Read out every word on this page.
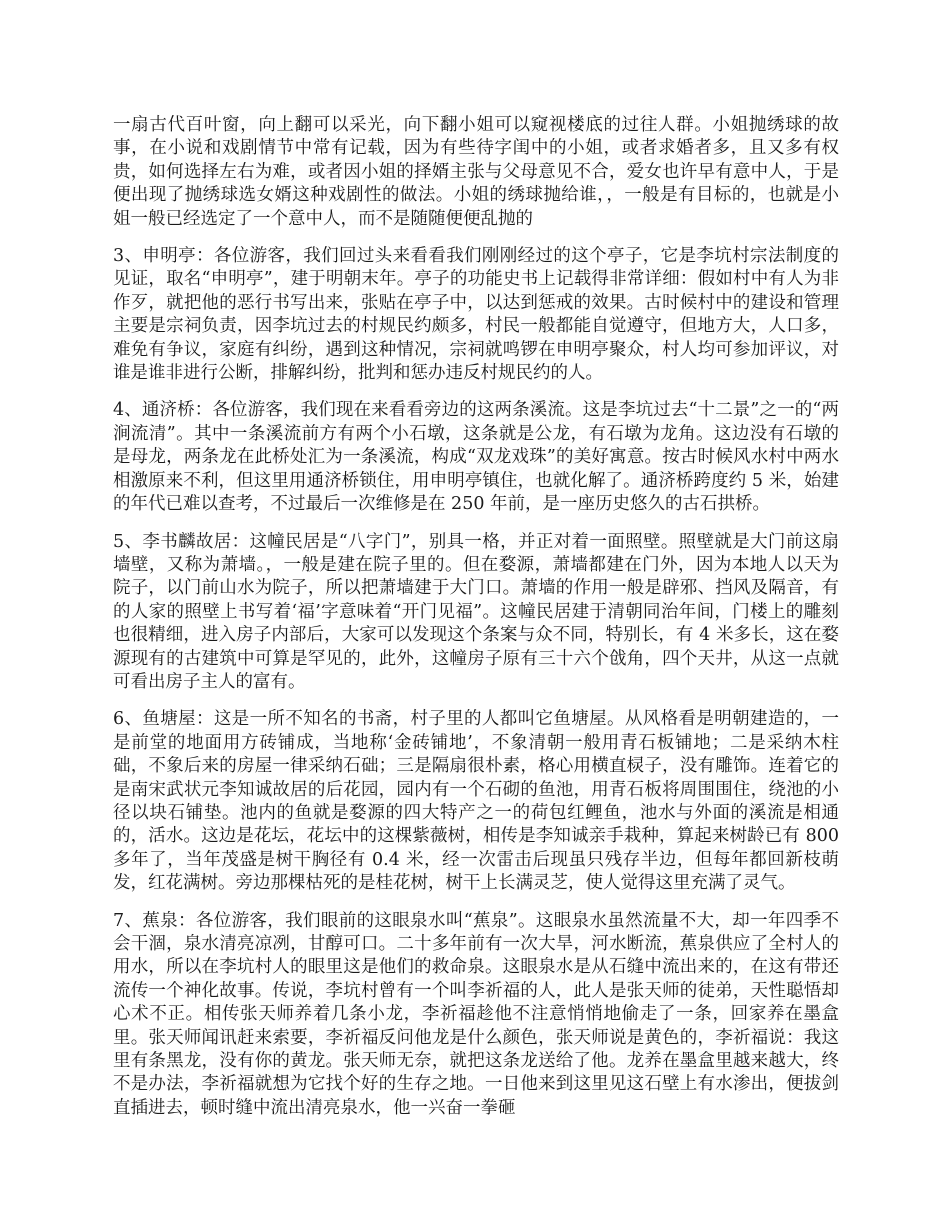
一扇古代百叶窗，向上翻可以采光，向下翻小姐可以窥视楼底的过往人群。小姐抛绣球的故事，在小说和戏剧情节中常有记载，因为有些待字闺中的小姐，或者求婚者多，且又多有权贵，如何选择左右为难，或者因小姐的择婿主张与父母意见不合，爱女也许早有意中人，于是便出现了抛绣球选女婿这种戏剧性的做法。小姐的绣球抛给谁，，一般是有目标的，也就是小姐一般已经选定了一个意中人，而不是随随便便乱抛的

3、申明亭：各位游客，我们回过头来看看我们刚刚经过的这个亭子，它是李坑村宗法制度的见证，取名“申明亭”，建于明朝末年。亭子的功能史书上记载得非常详细：假如村中有人为非作歹，就把他的恶行书写出来，张贴在亭子中，以达到惩戒的效果。古时候村中的建设和管理主要是宗祠负责，因李坑过去的村规民约颇多，村民一般都能自觉遵守，但地方大，人口多，难免有争议，家庭有纠纷，遇到这种情况，宗祠就鸣锣在申明亭聚众，村人均可参加评议，对谁是谁非进行公断，排解纠纷，批判和惩办违反村规民约的人。

4、通济桥：各位游客，我们现在来看看旁边的这两条溪流。这是李坑过去“十二景”之一的“两涧流清”。其中一条溪流前方有两个小石墩，这条就是公龙，有石墩为龙角。这边没有石墩的是母龙，两条龙在此桥处汇为一条溪流，构成“双龙戏珠”的美好寓意。按古时候风水村中两水相激原来不利，但这里用通济桥锁住，用申明亭镇住，也就化解了。通济桥跨度约 5 米，始建的年代已难以查考，不过最后一次维修是在 250 年前，是一座历史悠久的古石拱桥。

5、李书麟故居：这幢民居是“八字门”，别具一格，并正对着一面照壁。照壁就是大门前这扇墙壁，又称为萧墙。，一般是建在院子里的。但在婺源，萧墙都建在门外，因为本地人以天为院子，以门前山水为院子，所以把萧墙建于大门口。萧墙的作用一般是辟邪、挡风及隔音，有的人家的照壁上书写着‘福’字意味着“开门见福”。这幢民居建于清朝同治年间，门楼上的雕刻也很精细，进入房子内部后，大家可以发现这个条案与众不同，特别长，有 4 米多长，这在婺源现有的古建筑中可算是罕见的，此外，这幢房子原有三十六个戗角，四个天井，从这一点就可看出房子主人的富有。

6、鱼塘屋：这是一所不知名的书斋，村子里的人都叫它鱼塘屋。从风格看是明朝建造的，一是前堂的地面用方砖铺成，当地称‘金砖铺地’，不象清朝一般用青石板铺地；二是采纳木柱础，不象后来的房屋一律采纳石础；三是隔扇很朴素，格心用横直棂子，没有雕饰。连着它的是南宋武状元李知诚故居的后花园，园内有一个石砌的鱼池，用青石板将周围围住，绕池的小径以块石铺垫。池内的鱼就是婺源的四大特产之一的荷包红鲤鱼，池水与外面的溪流是相通的，活水。这边是花坛，花坛中的这棵紫薇树，相传是李知诚亲手栽种，算起来树龄已有 800 多年了，当年茂盛是树干胸径有 0.4 米，经一次雷击后现虽只残存半边，但每年都回新枝萌发，红花满树。旁边那棵枯死的是桂花树，树干上长满灵芝，使人觉得这里充满了灵气。

7、蕉泉：各位游客，我们眼前的这眼泉水叫“蕉泉”。这眼泉水虽然流量不大，却一年四季不会干涸，泉水清亮凉冽，甘醇可口。二十多年前有一次大旱，河水断流，蕉泉供应了全村人的用水，所以在李坑村人的眼里这是他们的救命泉。这眼泉水是从石缝中流出来的，在这有带还流传一个神化故事。传说，李坑村曾有一个叫李祈福的人，此人是张天师的徒弟，天性聪悟却心术不正。相传张天师养着几条小龙，李祈福趁他不注意悄悄地偷走了一条，回家养在墨盒里。张天师闻讯赶来索要，李祈福反问他龙是什么颜色，张天师说是黄色的，李祈福说：我这里有条黑龙，没有你的黄龙。张天师无奈，就把这条龙送给了他。龙养在墨盒里越来越大，终不是办法，李祈福就想为它找个好的生存之地。一日他来到这里见这石壁上有水渗出，便拔剑直插进去，顿时缝中流出清亮泉水，他一兴奋一拳砸
